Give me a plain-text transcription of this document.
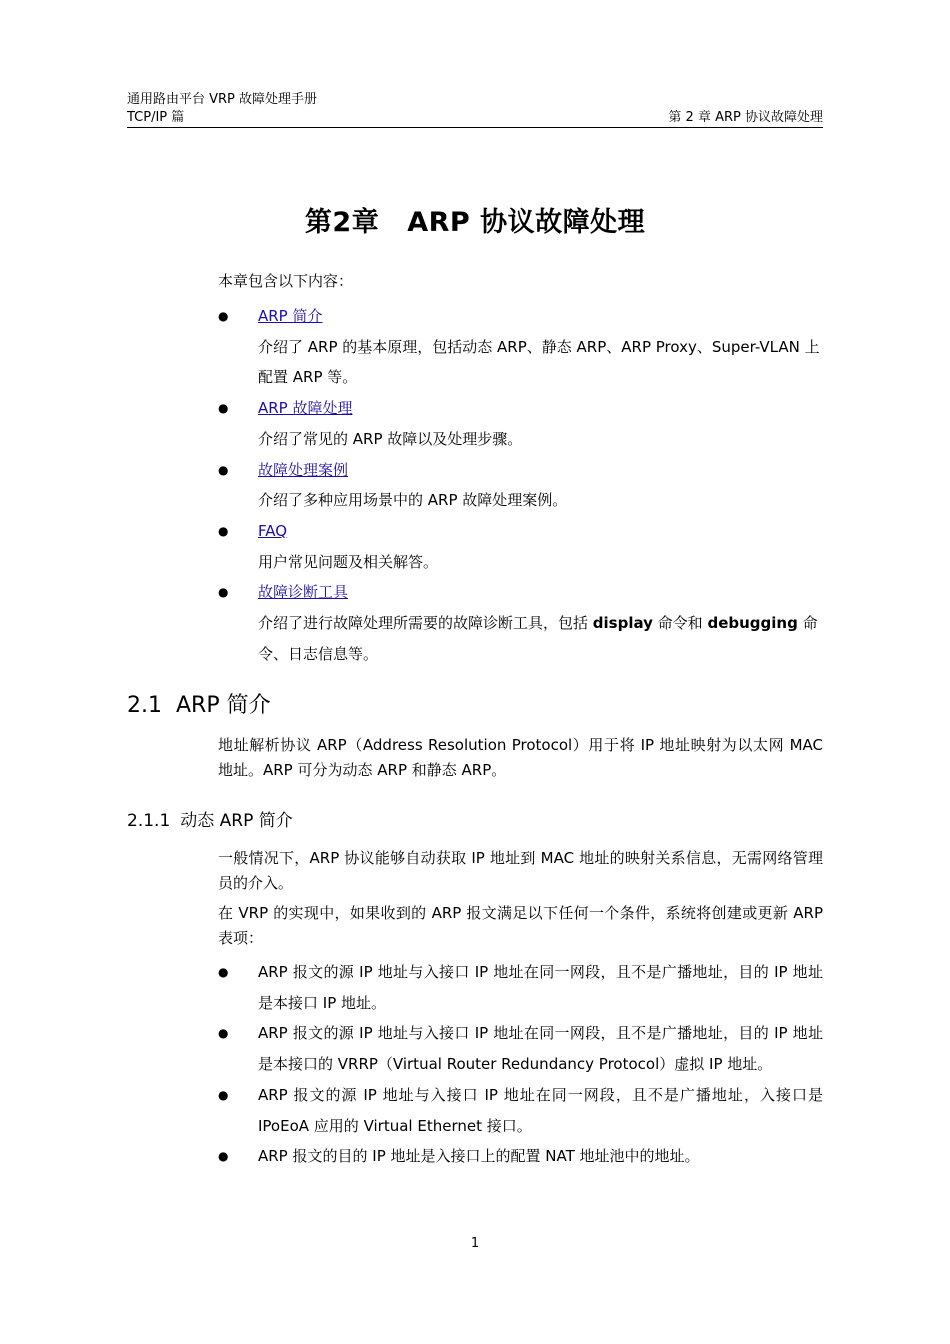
通用路由平台 VRP 故障处理手册
TCP/IP 篇	第 2 章 ARP 协议故障处理
第2章 ARP 协议故障处理
本章包含以下内容：
● ARP 简介
介绍了 ARP 的基本原理，包括动态 ARP、静态 ARP、ARP Proxy、Super-VLAN 上配置 ARP 等。
● ARP 故障处理
介绍了常见的 ARP 故障以及处理步骤。
● 故障处理案例
介绍了多种应用场景中的 ARP 故障处理案例。
● FAQ
用户常见问题及相关解答。
● 故障诊断工具
介绍了进行故障处理所需要的故障诊断工具，包括 display 命令和 debugging 命令、日志信息等。
2.1 ARP 简介
地址解析协议 ARP（Address Resolution Protocol）用于将 IP 地址映射为以太网 MAC 地址。ARP 可分为动态 ARP 和静态 ARP。
2.1.1 动态 ARP 简介
一般情况下，ARP 协议能够自动获取 IP 地址到 MAC 地址的映射关系信息，无需网络管理员的介入。
在 VRP 的实现中，如果收到的 ARP 报文满足以下任何一个条件，系统将创建或更新 ARP 表项：
● ARP 报文的源 IP 地址与入接口 IP 地址在同一网段，且不是广播地址，目的 IP 地址是本接口 IP 地址。
● ARP 报文的源 IP 地址与入接口 IP 地址在同一网段，且不是广播地址，目的 IP 地址是本接口的 VRRP（Virtual Router Redundancy Protocol）虚拟 IP 地址。
● ARP 报文的源 IP 地址与入接口 IP 地址在同一网段，且不是广播地址，入接口是 IPoEoA 应用的 Virtual Ethernet 接口。
● ARP 报文的目的 IP 地址是入接口上的配置 NAT 地址池中的地址。
1
